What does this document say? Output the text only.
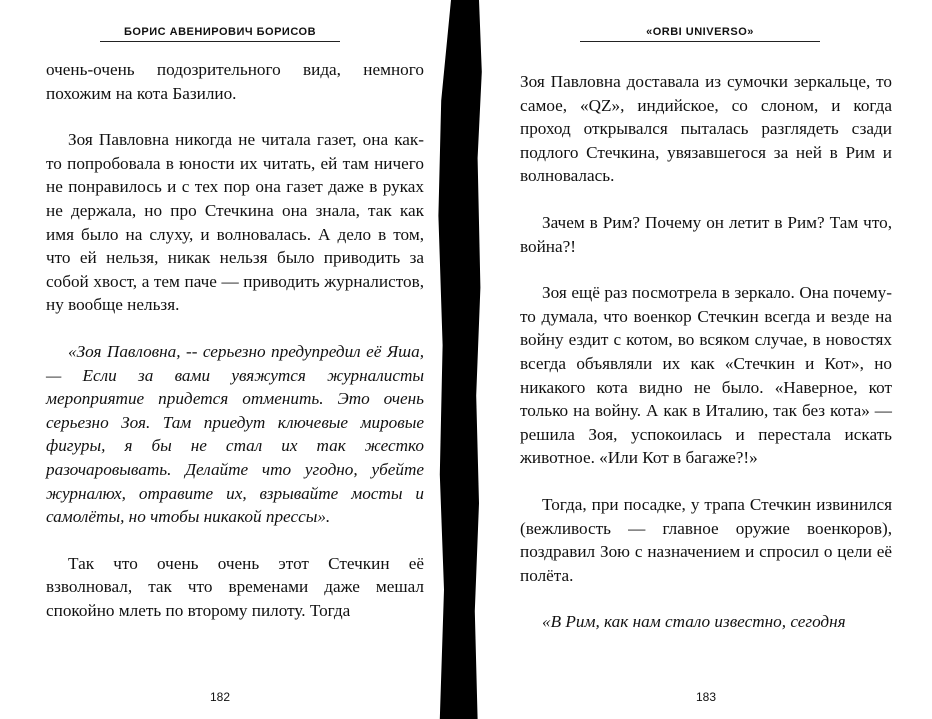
БОРИС АВЕНИРОВИЧ БОРИСОВ

очень-очень подозрительного вида, немного похожим на кота Базилио.

Зоя Павловна никогда не читала газет, она как-то попробовала в юности их читать, ей там ничего не понравилось и с тех пор она газет даже в руках не держала, но про Стечкина она знала, так как имя было на слуху, и волновалась. А дело в том, что ей нельзя, никак нельзя было приводить за собой хвост, а тем паче — приводить журналистов, ну вообще нельзя.

«Зоя Павловна, -- серьезно предупредил её Яша, — Если за вами увяжутся журналисты мероприятие придется отменить. Это очень серьезно Зоя. Там приедут ключевые мировые фигуры, я бы не стал их так жестко разочаровывать. Делайте что угодно, убейте журналюх, отравите их, взрывайте мосты и самолёты, но чтобы никакой прессы».

Так что очень очень этот Стечкин её взволновал, так что временами даже мешал спокойно млеть по второму пилоту. Тогда

182
«ORBI UNIVERSO»

Зоя Павловна доставала из сумочки зеркальце, то самое, «QZ», индийское, со слоном, и когда проход открывался пыталась разглядеть сзади подлого Стечкина, увязавшегося за ней в Рим и волновалась.

Зачем в Рим? Почему он летит в Рим? Там что, война?!

Зоя ещё раз посмотрела в зеркало. Она почему-то думала, что военкор Стечкин всегда и везде на войну ездит с котом, во всяком случае, в новостях всегда объявляли их как «Стечкин и Кот», но никакого кота видно не было. «Наверное, кот только на войну. А как в Италию, так без кота» — решила Зоя, успокоилась и перестала искать животное. «Или Кот в багаже?!»

Тогда, при посадке, у трапа Стечкин извинился (вежливость — главное оружие военкоров), поздравил Зою с назначением и спросил о цели её полёта.

«В Рим, как нам стало известно, сегодня

183
